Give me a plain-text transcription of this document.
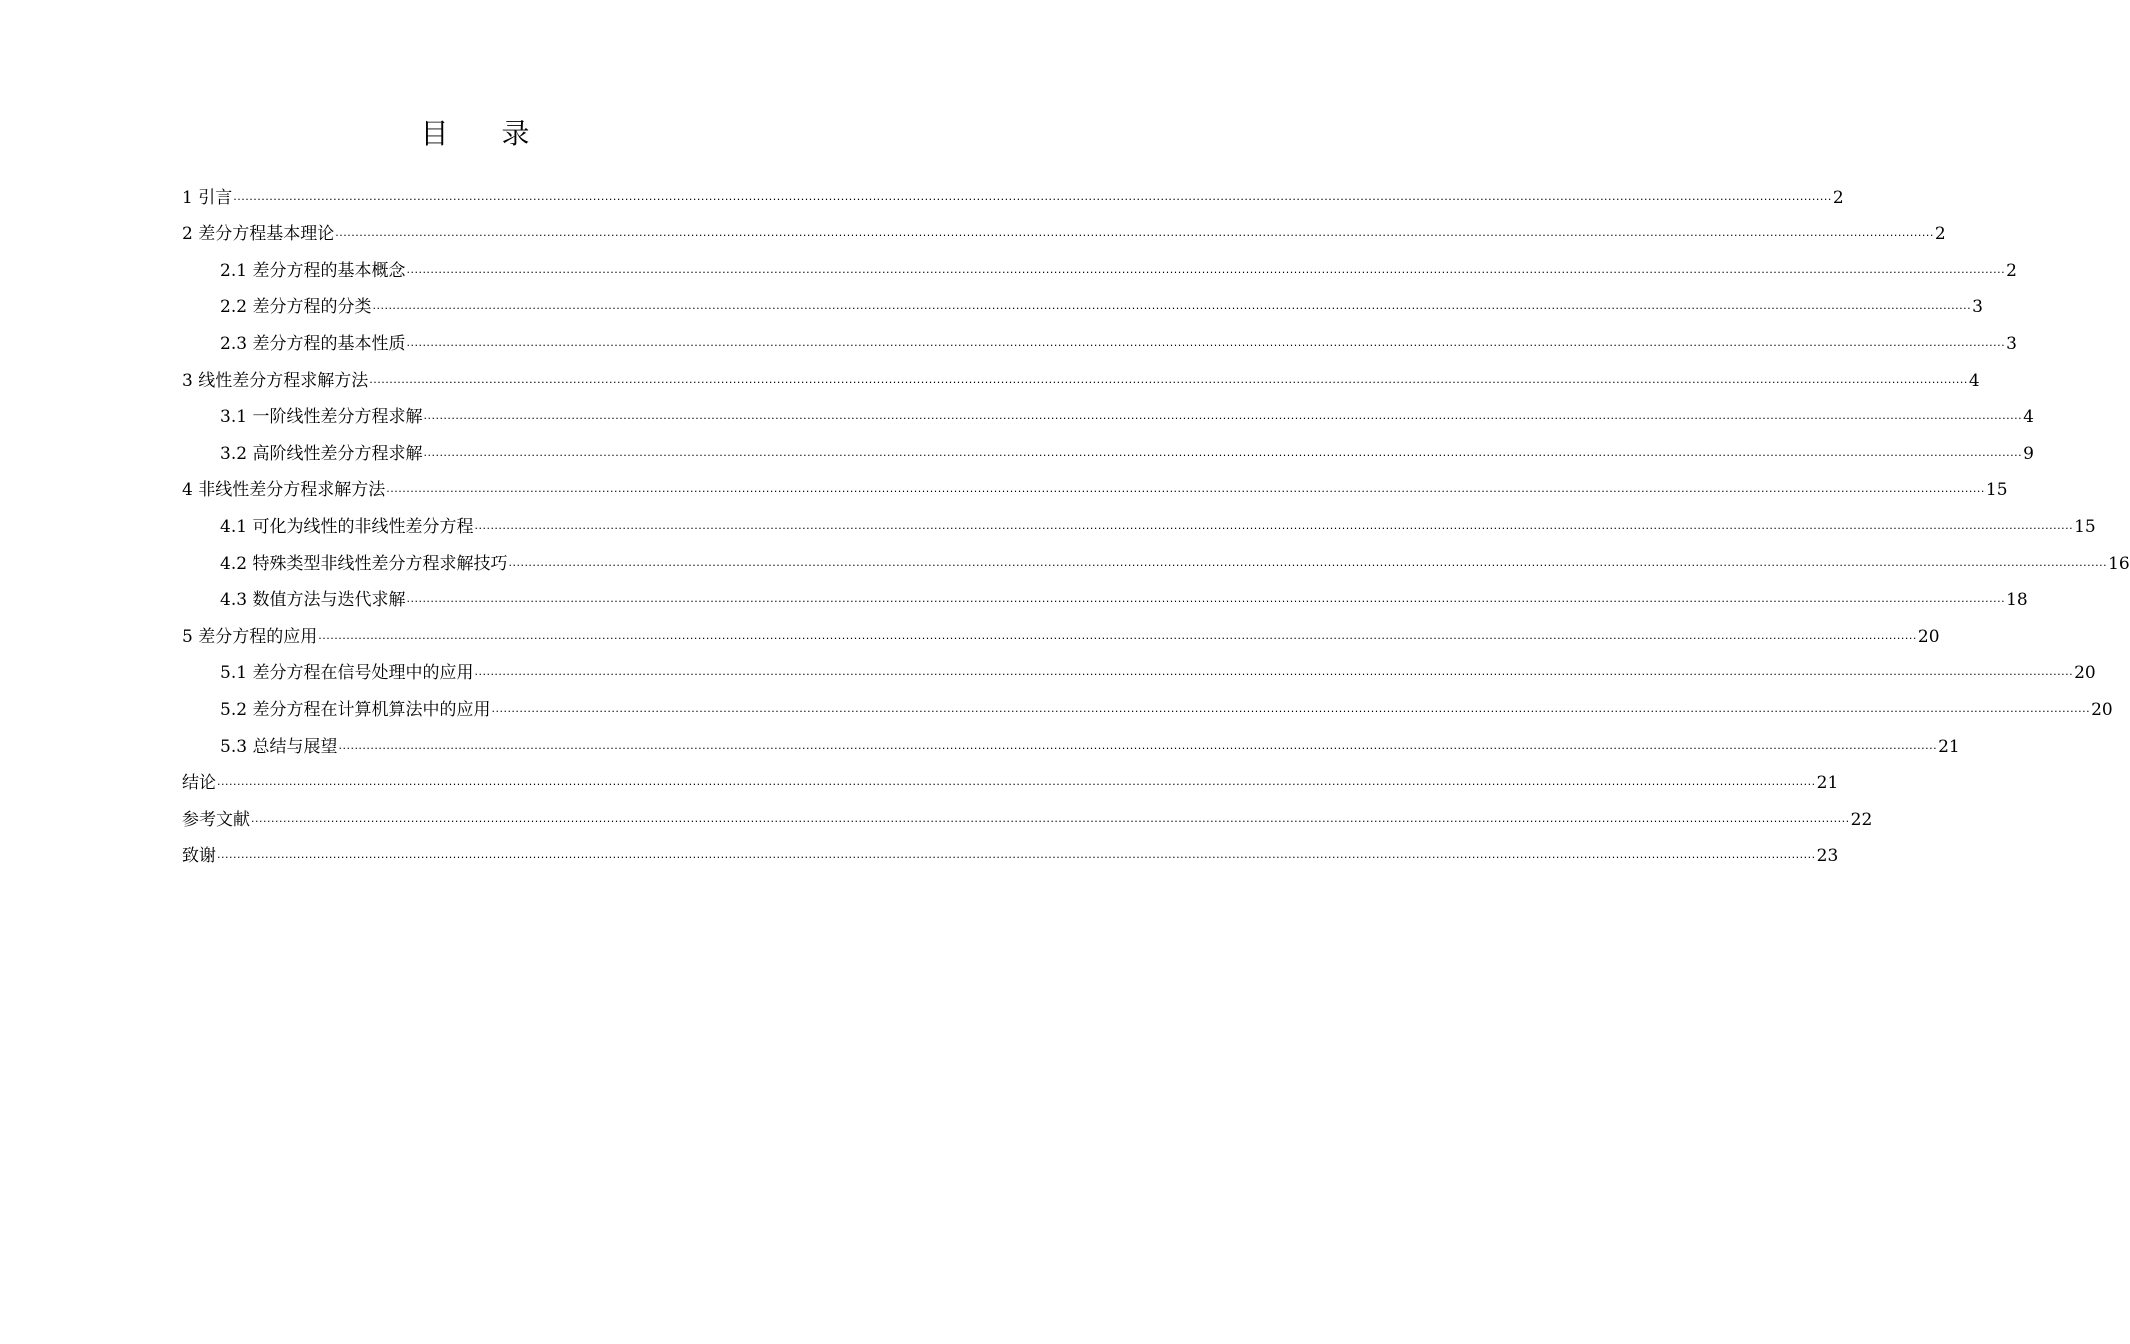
目 录
1 引言 ................................................................................................................................................................................................................................................................................................................................................................................................................ 2
2 差分方程基本理论 ................................................................................................................................................................................................................................................................................................................................................................................................................ 2
2.1 差分方程的基本概念 ................................................................................................................................................................................................................................................................................................................................................................................................................ 2
2.2 差分方程的分类 ................................................................................................................................................................................................................................................................................................................................................................................................................ 3
2.3 差分方程的基本性质 ................................................................................................................................................................................................................................................................................................................................................................................................................ 3
3 线性差分方程求解方法 ................................................................................................................................................................................................................................................................................................................................................................................................................ 4
3.1 一阶线性差分方程求解 ................................................................................................................................................................................................................................................................................................................................................................................................................ 4
3.2 高阶线性差分方程求解 ................................................................................................................................................................................................................................................................................................................................................................................................................ 9
4 非线性差分方程求解方法 ................................................................................................................................................................................................................................................................................................................................................................................................................ 15
4.1 可化为线性的非线性差分方程 ................................................................................................................................................................................................................................................................................................................................................................................................................ 15
4.2 特殊类型非线性差分方程求解技巧 ................................................................................................................................................................................................................................................................................................................................................................................................................ 16
4.3 数值方法与迭代求解 ................................................................................................................................................................................................................................................................................................................................................................................................................ 18
5 差分方程的应用 ................................................................................................................................................................................................................................................................................................................................................................................................................ 20
5.1 差分方程在信号处理中的应用 ................................................................................................................................................................................................................................................................................................................................................................................................................ 20
5.2 差分方程在计算机算法中的应用 ................................................................................................................................................................................................................................................................................................................................................................................................................ 20
5.3 总结与展望 ................................................................................................................................................................................................................................................................................................................................................................................................................ 21
结论 ................................................................................................................................................................................................................................................................................................................................................................................................................ 21
参考文献 ................................................................................................................................................................................................................................................................................................................................................................................................................ 22
致谢 ................................................................................................................................................................................................................................................................................................................................................................................................................ 23
